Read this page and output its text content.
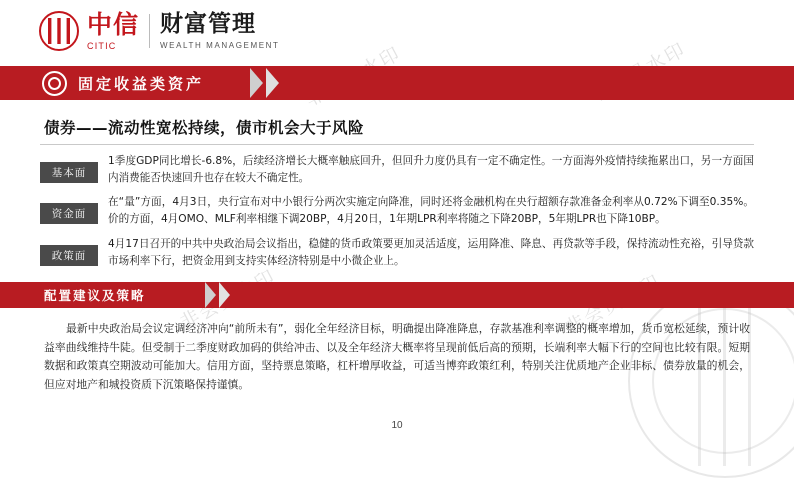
中信
CITIC
财富管理
WEALTH MANAGEMENT
固定收益类资产
债券——流动性宽松持续，债市机会大于风险
基本面
1季度GDP同比增长-6.8%，后续经济增长大概率触底回升，但回升力度仍具有一定不确定性。一方面海外疫情持续拖累出口，另一方面国内消费能否快速回升也存在较大不确定性。
资金面
在“量”方面，4月3日，央行宣布对中小银行分两次实施定向降准，同时还将金融机构在央行超额存款准备金利率从0.72%下调至0.35%。价的方面，4月OMO、MLF利率相继下调20BP，4月20日，1年期LPR利率将随之下降20BP，5年期LPR也下降10BP。
政策面
4月17日召开的中共中央政治局会议指出，稳健的货币政策要更加灵活适度，运用降准、降息、再贷款等手段，保持流动性充裕，引导贷款市场利率下行，把资金用到支持实体经济特别是中小微企业上。
配置建议及策略
最新中央政治局会议定调经济冲向“前所未有”，弱化全年经济目标，明确提出降准降息，存款基准利率调整的概率增加，货币宽松延续，预计收益率曲线维持牛陡。但受制于二季度财政加码的供给冲击、以及全年经济大概率将呈现前低后高的预期，长端利率大幅下行的空间也比较有限。短期数据和政策真空期波动可能加大。信用方面，坚持票息策略，杠杆增厚收益，可适当博弈政策红利，特别关注优质地产企业非标、债券放量的机会，但应对地产和城投资质下沉策略保持谨慎。
10
